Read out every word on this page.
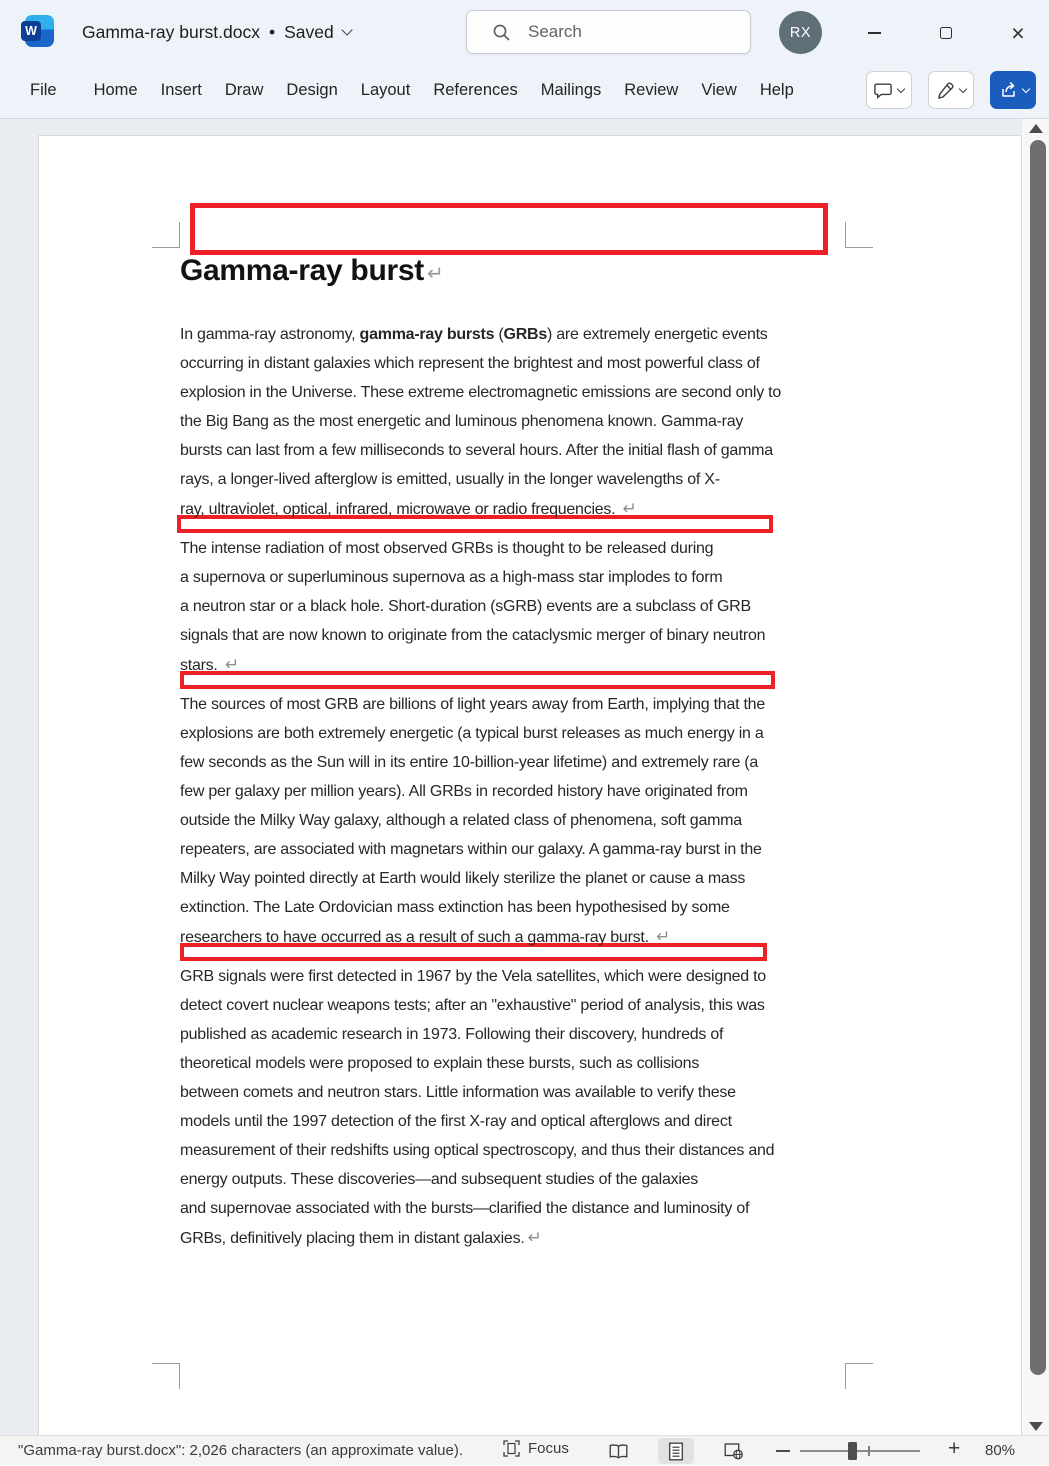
W	Gamma-ray burst.docx • Saved
Search	RX	×
File Home Insert Draw Design Layout References Mailings Review View Help
Gamma-ray burst ↵

In gamma-ray astronomy, gamma-ray bursts (GRBs) are extremely energetic events
occurring in distant galaxies which represent the brightest and most powerful class of
explosion in the Universe. These extreme electromagnetic emissions are second only to
the Big Bang as the most energetic and luminous phenomena known. Gamma-ray
bursts can last from a few milliseconds to several hours. After the initial flash of gamma
rays, a longer-lived afterglow is emitted, usually in the longer wavelengths of X-
ray, ultraviolet, optical, infrared, microwave or radio frequencies. ↵

The intense radiation of most observed GRBs is thought to be released during
a supernova or superluminous supernova as a high-mass star implodes to form
a neutron star or a black hole. Short-duration (sGRB) events are a subclass of GRB
signals that are now known to originate from the cataclysmic merger of binary neutron
stars. ↵

The sources of most GRB are billions of light years away from Earth, implying that the
explosions are both extremely energetic (a typical burst releases as much energy in a
few seconds as the Sun will in its entire 10-billion-year lifetime) and extremely rare (a
few per galaxy per million years). All GRBs in recorded history have originated from
outside the Milky Way galaxy, although a related class of phenomena, soft gamma
repeaters, are associated with magnetars within our galaxy. A gamma-ray burst in the
Milky Way pointed directly at Earth would likely sterilize the planet or cause a mass
extinction. The Late Ordovician mass extinction has been hypothesised by some
researchers to have occurred as a result of such a gamma-ray burst. ↵

GRB signals were first detected in 1967 by the Vela satellites, which were designed to
detect covert nuclear weapons tests; after an "exhaustive" period of analysis, this was
published as academic research in 1973. Following their discovery, hundreds of
theoretical models were proposed to explain these bursts, such as collisions
between comets and neutron stars. Little information was available to verify these
models until the 1997 detection of the first X-ray and optical afterglows and direct
measurement of their redshifts using optical spectroscopy, and thus their distances and
energy outputs. These discoveries—and subsequent studies of the galaxies
and supernovae associated with the bursts—clarified the distance and luminosity of
GRBs, definitively placing them in distant galaxies. ↵

"Gamma-ray burst.docx": 2,026 characters (an approximate value).	Focus	+ 80%
